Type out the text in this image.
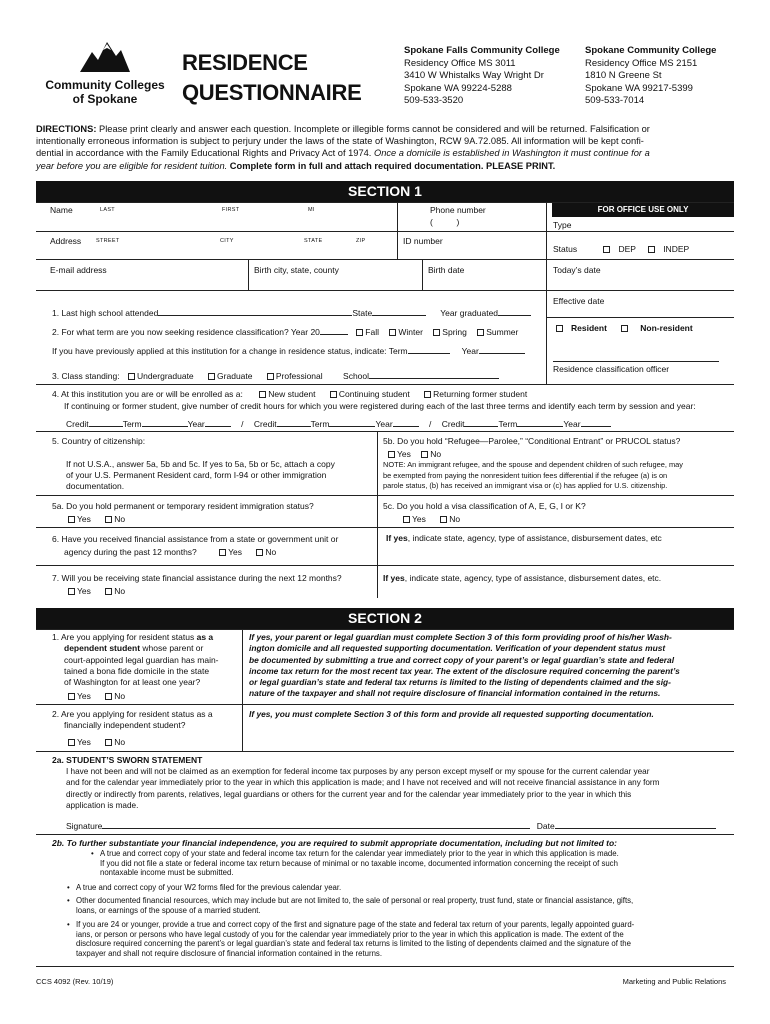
Community Colleges
of Spokane
RESIDENCE
QUESTIONNAIRE
Spokane Falls Community College
Residency Office MS 3011
3410 W Whistalks Way Wright Dr
Spokane WA 99224-5288
509-533-3520
Spokane Community College
Residency Office MS 2151
1810 N Greene St
Spokane WA 99217-5399
509-533-7014
DIRECTIONS: Please print clearly and answer each question. Incomplete or illegible forms cannot be considered and will be returned. Falsification or
intentionally erroneous information is subject to perjury under the laws of the state of Washington, RCW 9A.72.085. All information will be kept confi-
dential in accordance with the Family Educational Rights and Privacy Act of 1974. Once a domicile is established in Washington it must continue for a
year before you are eligible for resident tuition. Complete form in full and attach required documentation. PLEASE PRINT.
SECTION 1
Name	LAST	FIRST	MI	Phone number
(          )
Address	STREET	CITY	STATE	ZIP	ID number
E-mail address	Birth city, state, county	Birth date
FOR OFFICE USE ONLY
Type
Status	DEP	INDEP
Today’s date
Effective date
Resident	Non-resident
Residence classification officer
1. Last high school attended	State	Year graduated
2. For what term are you now seeking residence classification? Year 20	Fall Winter Spring Summer
If you have previously applied at this institution for a change in residence status, indicate: Term	Year
3. Class standing: Undergraduate	Graduate	Professional School
4. At this institution you are or will be enrolled as a:	New student	Continuing student	Returning former student
If continuing or former student, give number of credit hours for which you were registered during each of the last three terms and identify each term by session and year:
Credit	Term	Year	/ Credit	Term	Year	/ Credit	Term	Year
5. Country of citizenship:
If not U.S.A., answer 5a, 5b and 5c. If yes to 5a, 5b or 5c, attach a copy
of your U.S. Permanent Resident card, form I-94 or other immigration
documentation.
5b. Do you hold “Refugee—Parolee,” “Conditional Entrant” or PRUCOL status?
Yes No
NOTE: An immigrant refugee, and the spouse and dependent children of such refugee, may
be exempted from paying the nonresident tuition fees differential if the refugee (a) is on
parole status, (b) has received an immigrant visa or (c) has applied for U.S. citizenship.
5a. Do you hold permanent or temporary resident immigration status?
Yes	No
5c. Do you hold a visa classification of A, E, G, I or K?
Yes	No
6. Have you received financial assistance from a state or government unit or
agency during the past 12 months?	Yes	No
If yes, indicate state, agency, type of assistance, disbursement dates, etc
7. Will you be receiving state financial assistance during the next 12 months?
Yes	No
If yes, indicate state, agency, type of assistance, disbursement dates, etc.
SECTION 2
1. Are you applying for resident status as a
dependent student whose parent or
court-appointed legal guardian has main-
tained a bona fide domicile in the state
of Washington for at least one year?
Yes	No
If yes, your parent or legal guardian must complete Section 3 of this form providing proof of his/her Wash-
ington domicile and all requested supporting documentation. Verification of your dependent status must
be documented by submitting a true and correct copy of your parent’s or legal guardian’s state and federal
income tax return for the most recent tax year. The extent of the disclosure required concerning the parent’s
or legal guardian’s state and federal tax returns is limited to the listing of dependents claimed and the sig-
nature of the taxpayer and shall not require disclosure of financial information contained in the returns.
2. Are you applying for resident status as a
financially independent student?
Yes	No
If yes, you must complete Section 3 of this form and provide all requested supporting documentation.
2a. STUDENT’S SWORN STATEMENT
I have not been and will not be claimed as an exemption for federal income tax purposes by any person except myself or my spouse for the current calendar year
and for the calendar year immediately prior to the year in which this application is made; and I have not received and will not receive financial assistance in any form
directly or indirectly from parents, relatives, legal guardians or others for the current year and for the calendar year immediately prior to the year in which this
application is made.
Signature	Date
2b. To further substantiate your financial independence, you are required to submit appropriate documentation, including but not limited to:
• A true and correct copy of your state and federal income tax return for the calendar year immediately prior to the year in which this application is made.
If you did not file a state or federal income tax return because of minimal or no taxable income, documented information concerning the receipt of such
nontaxable income must be submitted.
• A true and correct copy of your W2 forms filed for the previous calendar year.
• Other documented financial resources, which may include but are not limited to, the sale of personal or real property, trust fund, state or financial assistance, gifts,
loans, or earnings of the spouse of a married student.
• If you are 24 or younger, provide a true and correct copy of the first and signature page of the state and federal tax return of your parents, legally appointed guard-
ians, or person or persons who have legal custody of you for the calendar year immediately prior to the year in which this application is made. The extent of the
disclosure required concerning the parent’s or legal guardian’s state and federal tax returns is limited to the listing of dependents claimed and the signature of the
taxpayer and shall not require disclosure of financial information contained in the returns.
CCS 4092 (Rev. 10/19)	Marketing and Public Relations
